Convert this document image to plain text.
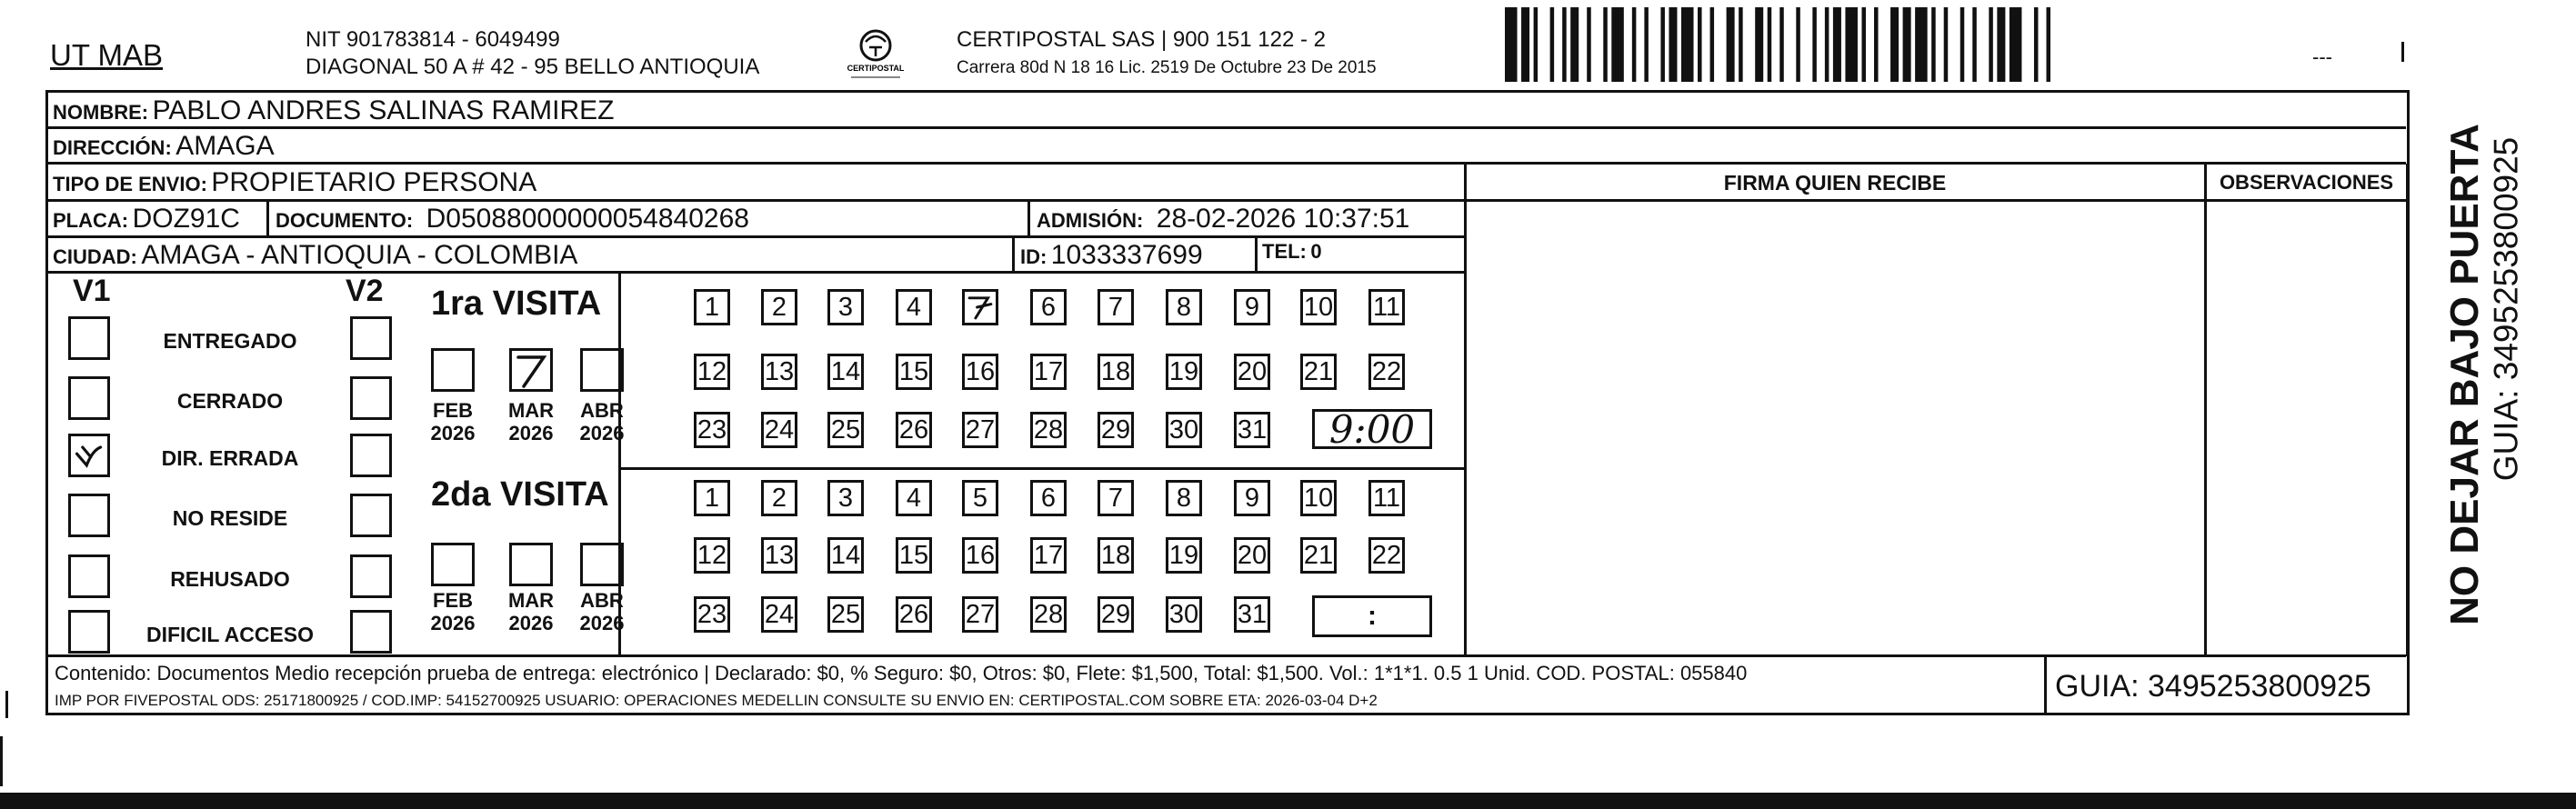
UT MAB	NIT 901783814 - 6049499
DIAGONAL 50 A # 42 - 95 BELLO ANTIOQUIA	CERTIPOSTAL
CERTIPOSTAL SAS | 900 151 122 - 2
Carrera 80d N 18 16 Lic. 2519 De Octubre 23 De 2015	---
NOMBRE: PABLO ANDRES SALINAS RAMIREZ
DIRECCIÓN: AMAGA
TIPO DE ENVIO: PROPIETARIO PERSONA
PLACA: DOZ91C DOCUMENTO: D05088000000054840268	ADMISIÓN: 28-02-2026 10:37:51
CIUDAD: AMAGA - ANTIOQUIA - COLOMBIA	ID: 1033337699	TEL: 0
FIRMA QUIEN RECIBE	OBSERVACIONES	NO DEJAR BAJO PUERTA GUIA: 3495253800925
V1	V2 1ra VISITA
2da VISITA
9:00
:
Contenido: Documentos Medio recepción prueba de entrega: electrónico | Declarado: $0, % Seguro: $0, Otros: $0, Flete: $1,500, Total: $1,500. Vol.: 1*1*1. 0.5 1 Unid. COD. POSTAL: 055840
IMP POR FIVEPOSTAL ODS: 25171800925 / COD.IMP: 54152700925 USUARIO: OPERACIONES MEDELLIN CONSULTE SU ENVIO EN: CERTIPOSTAL.COM SOBRE ETA: 2026-03-04 D+2	GUIA: 3495253800925
ENTREGADO
CERRADO
DIR. ERRADA
NO RESIDE
REHUSADO
DIFICIL ACCESO
FEB
2026
MAR
2026
ABR
2026
FEB
2026
MAR
2026
ABR
2026
1 2 3 4	6 7 8 9 10 11
12 13 14 15 16 17 18 19 20 21 22
23 24 25 26 27 28 29 30 31
1 2 3 4 5 6 7 8 9 10 11
12 13 14 15 16 17 18 19 20 21 22
23 24 25 26 27 28 29 30 31
